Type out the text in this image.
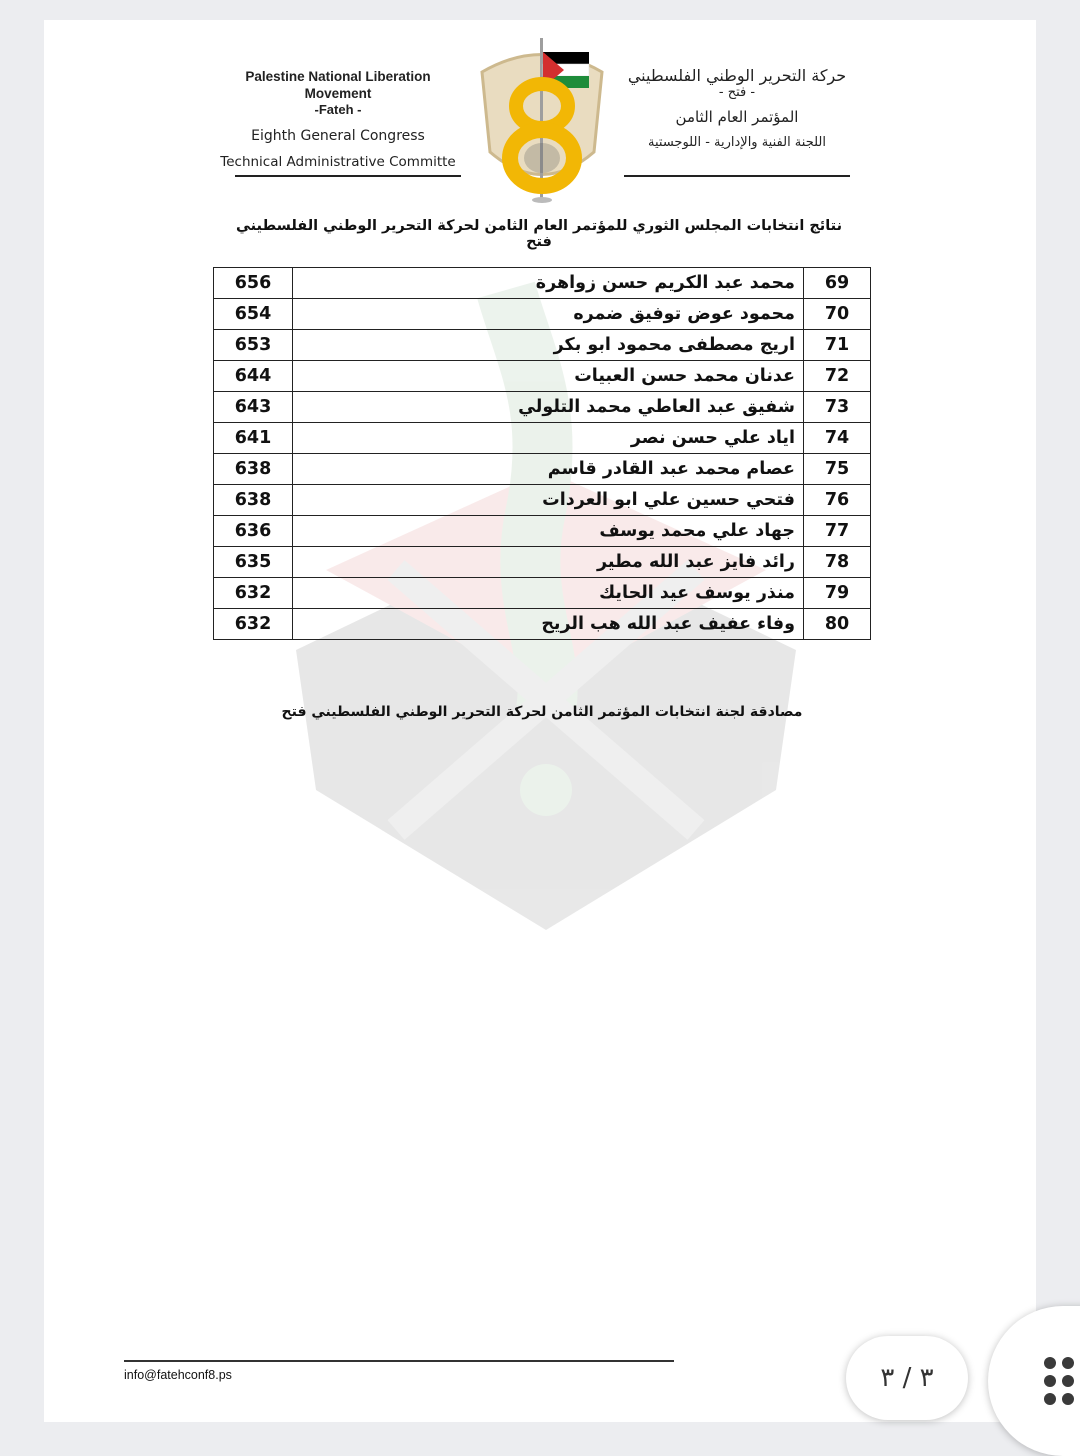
Palestine National Liberation Movement
-Fateh -
Eighth General Congress
Technical Administrative Committe
حركة التحرير الوطني الفلسطيني
- فتح -
المؤتمر العام الثامن
اللجنة الفنية والإدارية - اللوجستية
نتائج انتخابات المجلس الثوري للمؤتمر العام الثامن لحركة التحرير الوطني الفلسطيني فتح
69	محمد عبد الكريم حسن زواهرة	656
70	محمود عوض توفيق ضمره	654
71	اريج مصطفى محمود ابو بكر	653
72	عدنان محمد حسن العبيات	644
73	شفيق عبد العاطي محمد التلولي	643
74	اياد علي حسن نصر	641
75	عصام محمد عبد القادر قاسم	638
76	فتحي حسين علي ابو العردات	638
77	جهاد علي محمد يوسف	636
78	رائد فايز عبد الله مطير	635
79	منذر يوسف عيد الحايك	632
80	وفاء عفيف عبد الله هب الريح	632
مصادقة لجنة انتخابات المؤتمر الثامن لحركة التحرير الوطني الفلسطيني فتح
info@fatehconf8.ps	٣ / ٣
